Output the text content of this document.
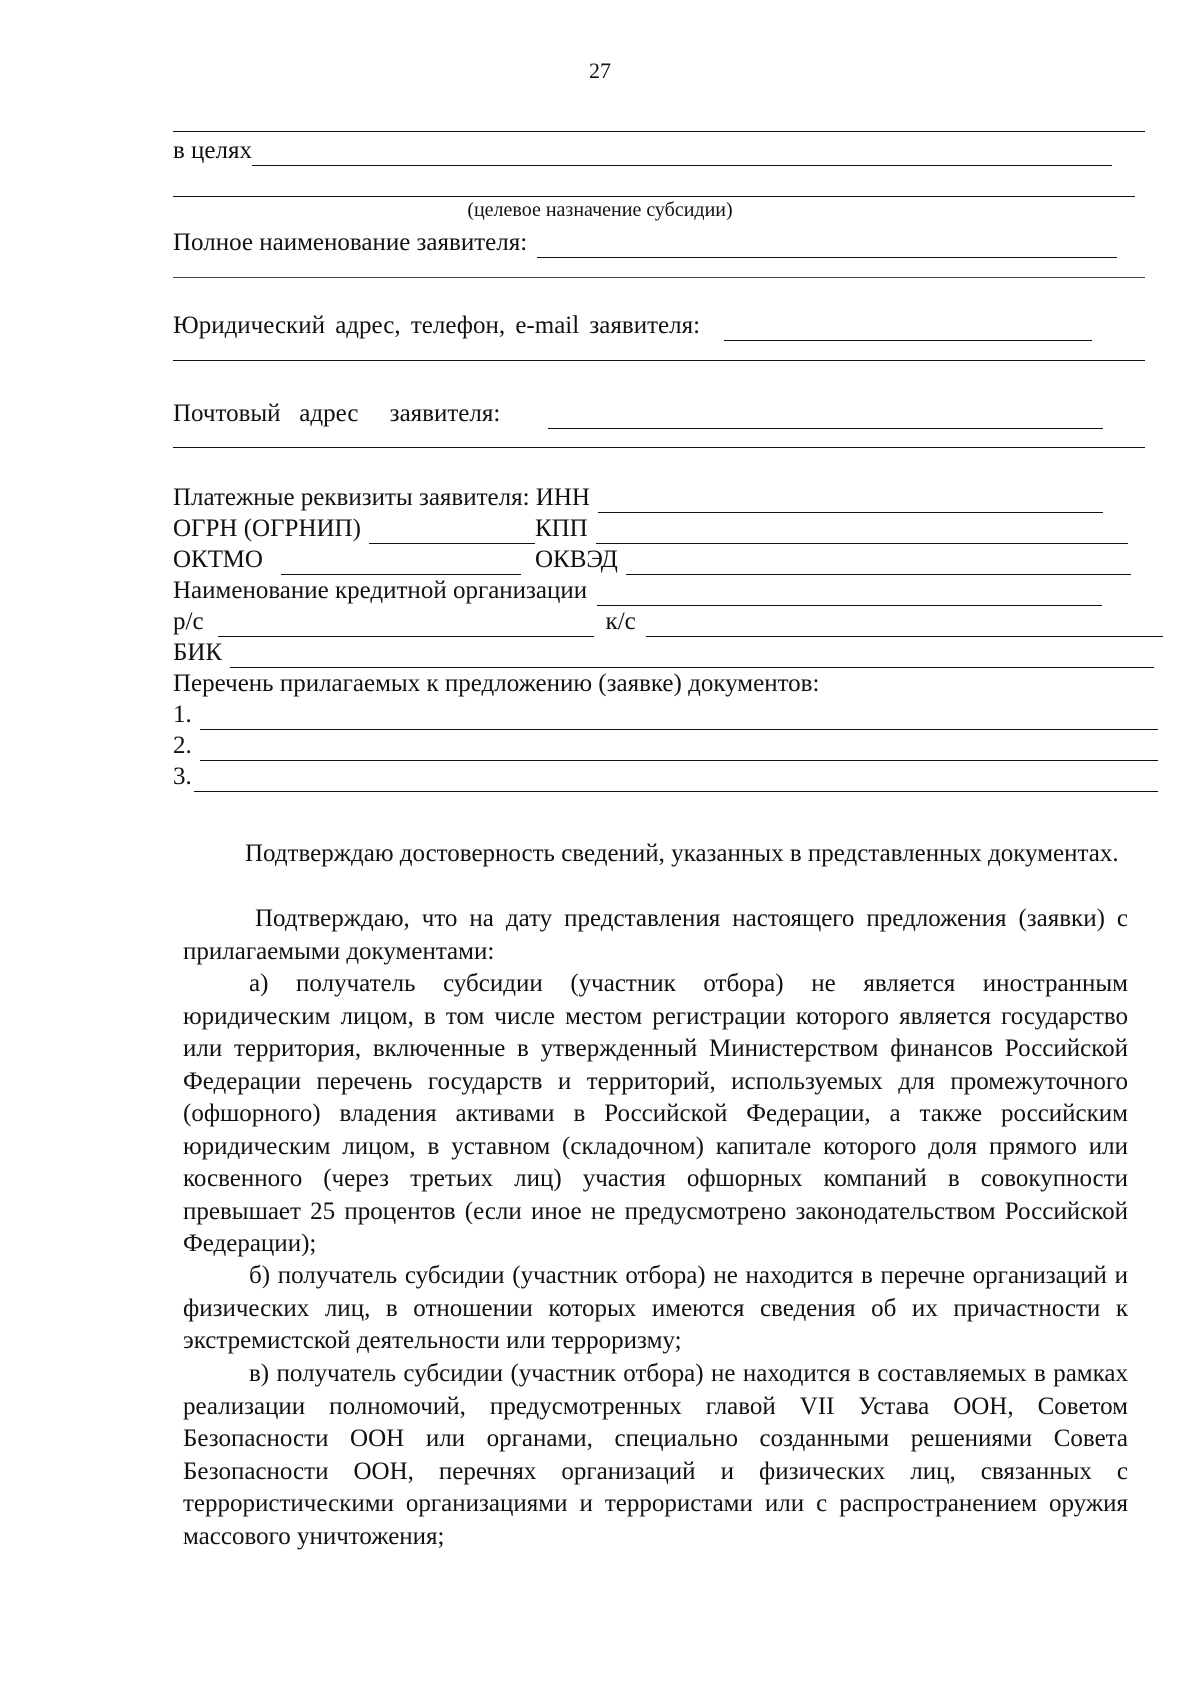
27
в целях
(целевое назначение субсидии)
Полное наименование заявителя:
Юридический адрес, телефон, e-mail заявителя:
Почтовый   адрес     заявителя:
Платежные реквизиты заявителя: ИНН
ОГРН (ОГРНИП)	КПП
ОКТМО	ОКВЭД
Наименование кредитной организации
р/с	к/с
БИК
Перечень прилагаемых к предложению (заявке) документов:
1.
2.
3.

Подтверждаю достоверность сведений, указанных в представленных документах.

Подтверждаю, что на дату представления настоящего предложения (заявки) с прилагаемыми документами:

а) получатель субсидии (участник отбора) не является иностранным юридическим лицом, в том числе местом регистрации которого является государство или территория, включенные в утвержденный Министерством финансов Российской Федерации перечень государств и территорий, используемых для промежуточного (офшорного) владения активами в Российской Федерации, а также российским юридическим лицом, в уставном (складочном) капитале которого доля прямого или косвенного (через третьих лиц) участия офшорных компаний в совокупности превышает 25 процентов (если иное не предусмотрено законодательством Российской Федерации);

б) получатель субсидии (участник отбора) не находится в перечне организаций и физических лиц, в отношении которых имеются сведения об их причастности к экстремистской деятельности или терроризму;

в) получатель субсидии (участник отбора) не находится в составляемых в рамках реализации полномочий, предусмотренных главой VII Устава ООН, Советом Безопасности ООН или органами, специально созданными решениями Совета Безопасности ООН, перечнях организаций и физических лиц, связанных с террористическими организациями и террористами или с распространением оружия массового уничтожения;
